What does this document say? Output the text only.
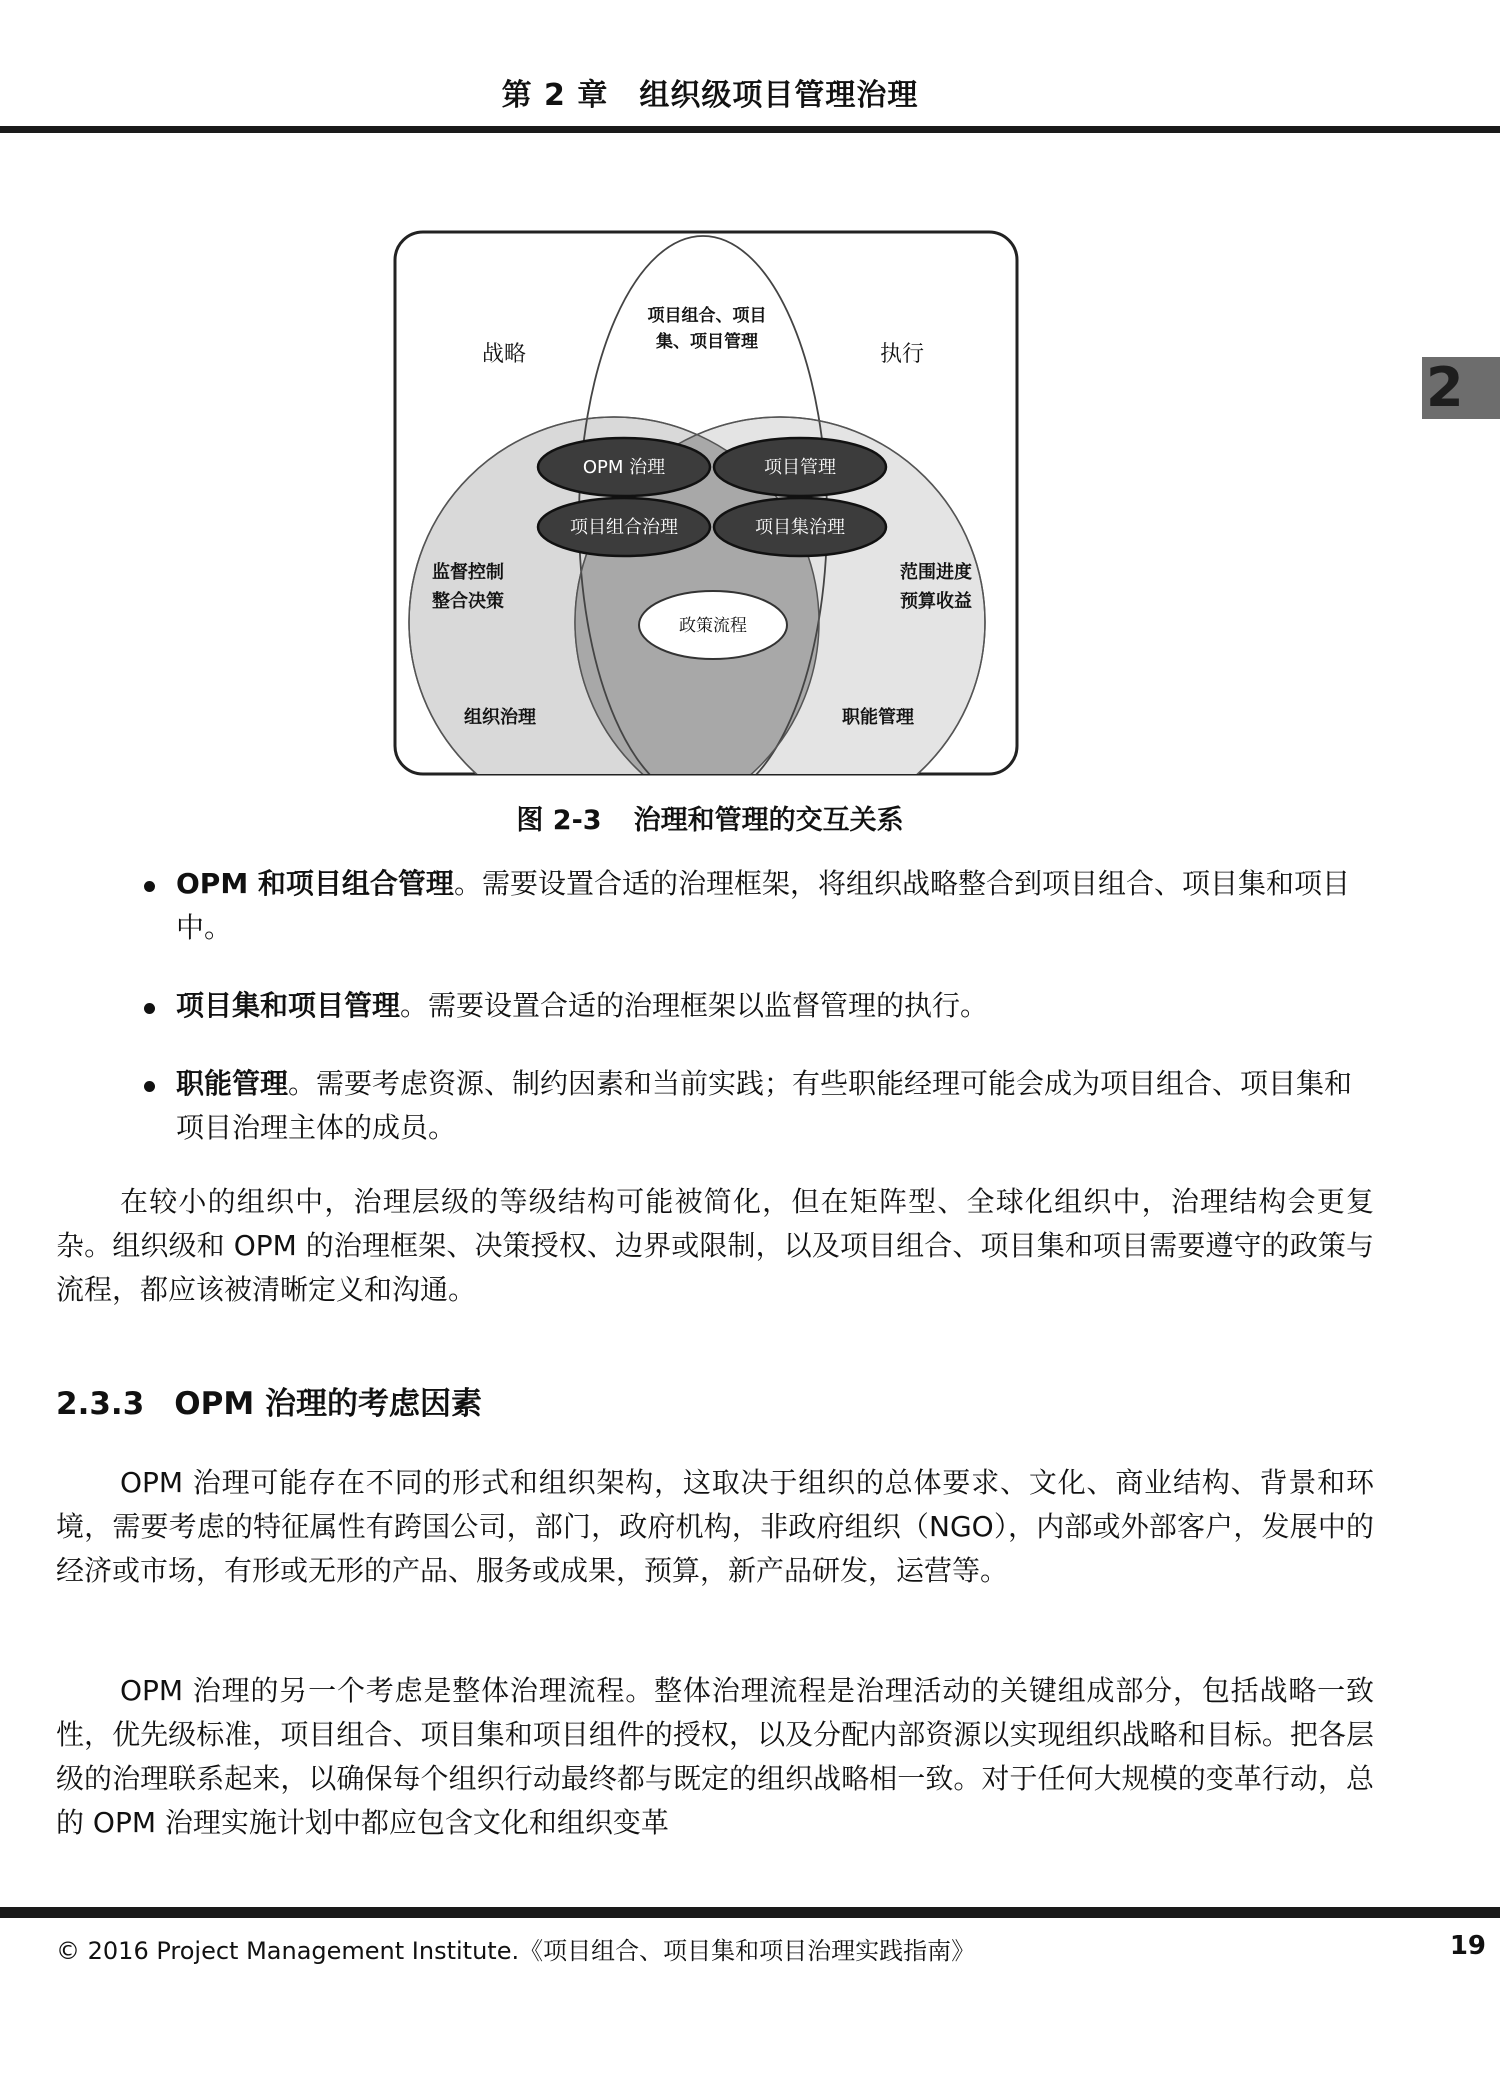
第 2 章　组织级项目管理治理
2
战略	执行
项目组合、项目
集、项目管理
监督控制
整合决策
范围进度
预算收益
组织治理	职能管理
政策流程
OPM 治理	项目管理
项目组合治理	项目集治理
图 2-3 治理和管理的交互关系
OPM 和项目组合管理。需要设置合适的治理框架，将组织战略整合到项目组合、项目集和项目中。
项目集和项目管理。需要设置合适的治理框架以监督管理的执行。
职能管理。需要考虑资源、制约因素和当前实践；有些职能经理可能会成为项目组合、项目集和项目治理主体的成员。

在较小的组织中，治理层级的等级结构可能被简化，但在矩阵型、全球化组织中，治理结构会更复杂。组织级和 OPM 的治理框架、决策授权、边界或限制，以及项目组合、项目集和项目需要遵守的政策与流程，都应该被清晰定义和沟通。

2.3.3 OPM 治理的考虑因素

OPM 治理可能存在不同的形式和组织架构，这取决于组织的总体要求、文化、商业结构、背景和环境，需要考虑的特征属性有跨国公司，部门，政府机构，非政府组织（NGO），内部或外部客户，发展中的经济或市场，有形或无形的产品、服务或成果，预算，新产品研发，运营等。

OPM 治理的另一个考虑是整体治理流程。整体治理流程是治理活动的关键组成部分，包括战略一致性，优先级标准，项目组合、项目集和项目组件的授权，以及分配内部资源以实现组织战略和目标。把各层级的治理联系起来，以确保每个组织行动最终都与既定的组织战略相一致。对于任何大规模的变革行动，总的 OPM 治理实施计划中都应包含文化和组织变革

© 2016 Project Management Institute.《项目组合、项目集和项目治理实践指南》	19
